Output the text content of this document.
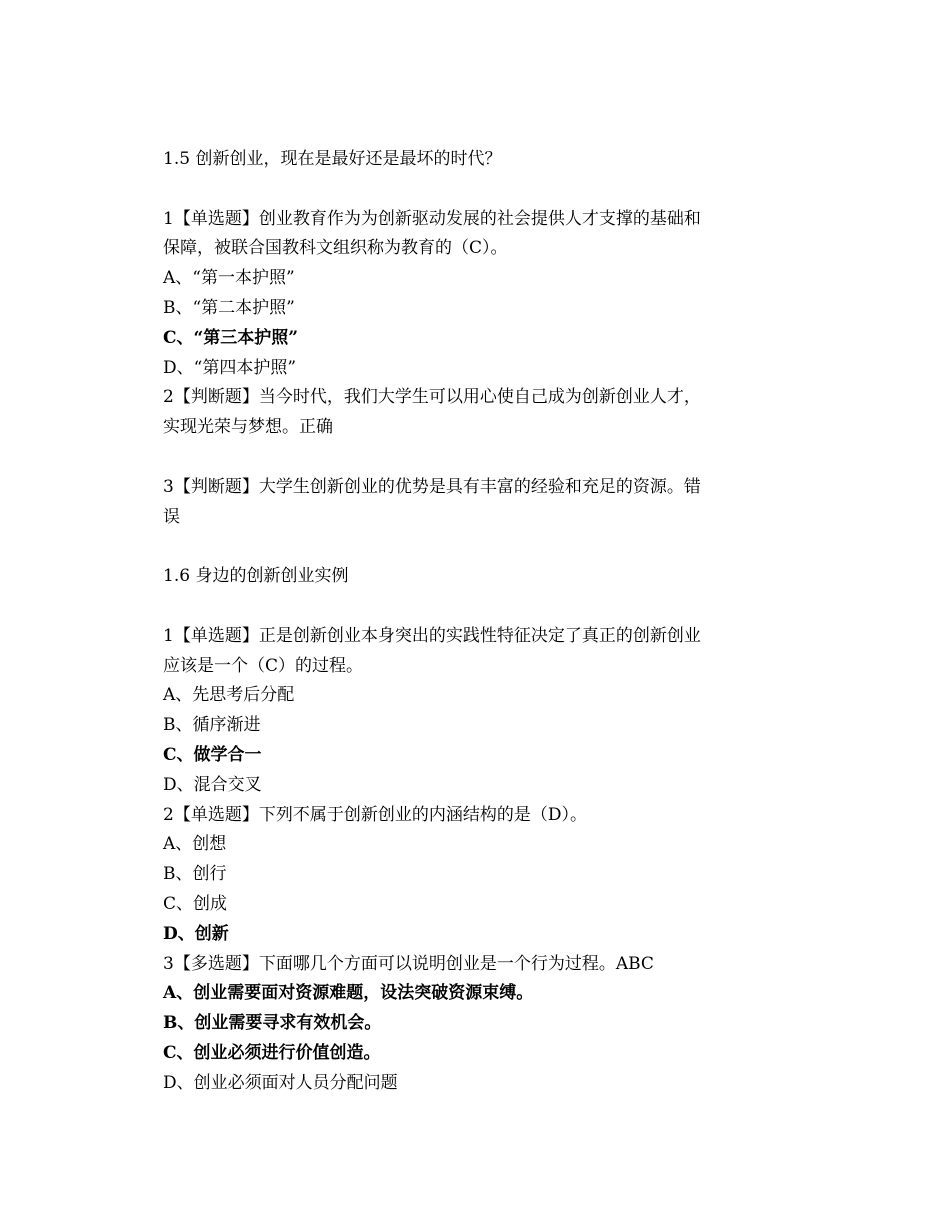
1.5 创新创业，现在是最好还是最坏的时代？
1【单选题】创业教育作为为创新驱动发展的社会提供人才支撑的基础和
保障，被联合国教科文组织称为教育的（C）。
A、“第一本护照”
B、“第二本护照”
C、“第三本护照”
D、“第四本护照”
2【判断题】当今时代，我们大学生可以用心使自己成为创新创业人才，
实现光荣与梦想。正确
3【判断题】大学生创新创业的优势是具有丰富的经验和充足的资源。错
误
1.6 身边的创新创业实例
1【单选题】正是创新创业本身突出的实践性特征决定了真正的创新创业
应该是一个（C）的过程。
A、先思考后分配
B、循序渐进
C、做学合一
D、混合交叉
2【单选题】下列不属于创新创业的内涵结构的是（D）。
A、创想
B、创行
C、创成
D、创新
3【多选题】下面哪几个方面可以说明创业是一个行为过程。ABC
A、创业需要面对资源难题，设法突破资源束缚。
B、创业需要寻求有效机会。
C、创业必须进行价值创造。
D、创业必须面对人员分配问题
